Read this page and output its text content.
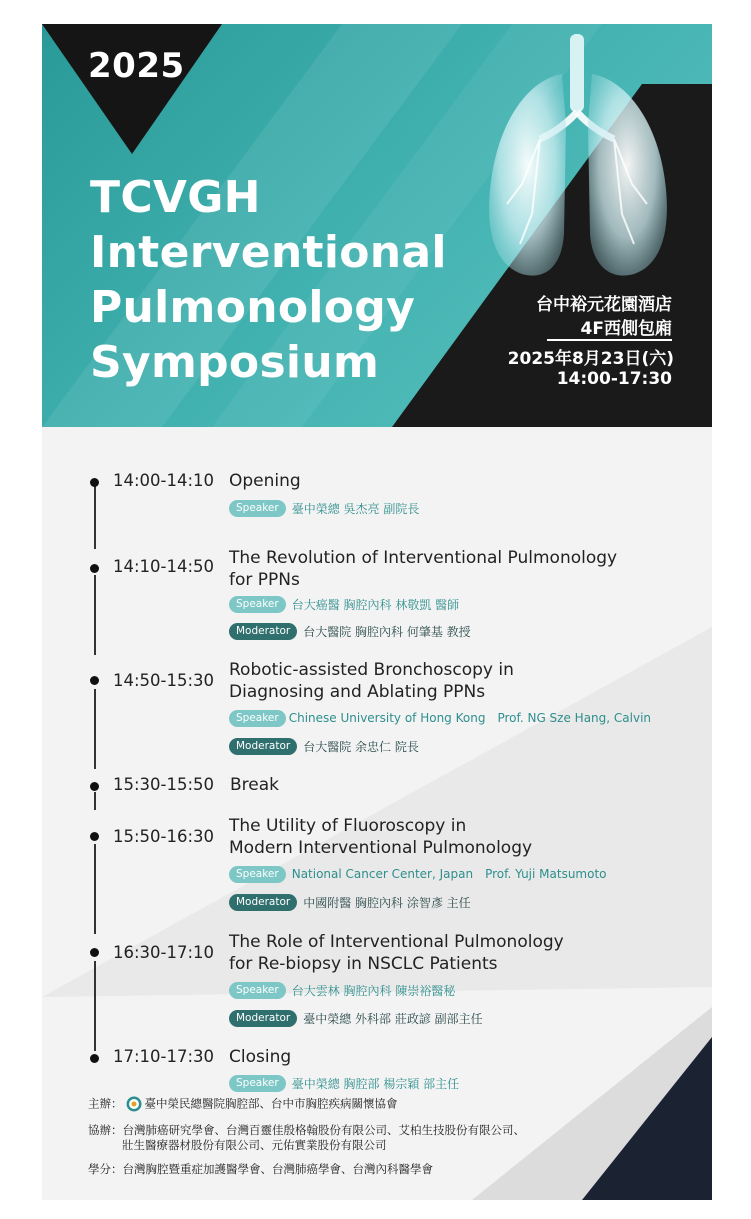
2025
TCVGH
Interventional
Pulmonology
Symposium
台中裕元花園酒店
4F西側包廂
2025年8月23日(六)
14:00-17:30
14:00-14:10 Opening
Speaker	臺中榮總 吳杰亮 副院長
14:10-14:50 The Revolution of Interventional Pulmonology
for PPNs
Speaker	台大癌醫 胸腔內科 林敬凱 醫師
Moderator	台大醫院 胸腔內科 何肇基 教授
14:50-15:30
Robotic-assisted Bronchoscopy in
Diagnosing and Ablating PPNs
Speaker Chinese University of Hong Kong Prof. NG Sze Hang, Calvin
Moderator	台大醫院 余忠仁 院長
15:30-15:50 Break
15:50-16:30
The Utility of Fluoroscopy in
Modern Interventional Pulmonology
Speaker	National Cancer Center, Japan Prof. Yuji Matsumoto
Moderator	中國附醫 胸腔內科 涂智彥 主任
16:30-17:10
The Role of Interventional Pulmonology
for Re-biopsy in NSCLC Patients
Speaker	台大雲林 胸腔內科 陳崇裕醫秘
Moderator	臺中榮總 外科部 莊政諺 副部主任
17:10-17:30 Closing
Speaker	臺中榮總 胸腔部 楊宗穎 部主任
主辦： 臺中榮民總醫院胸腔部、台中市胸腔疾病關懷協會
協辦：台灣肺癌研究學會、台灣百靈佳殷格翰股份有限公司、艾柏生技股份有限公司、
壯生醫療器材股份有限公司、元佑實業股份有限公司
學分：台灣胸腔暨重症加護醫學會、台灣肺癌學會、台灣內科醫學會
